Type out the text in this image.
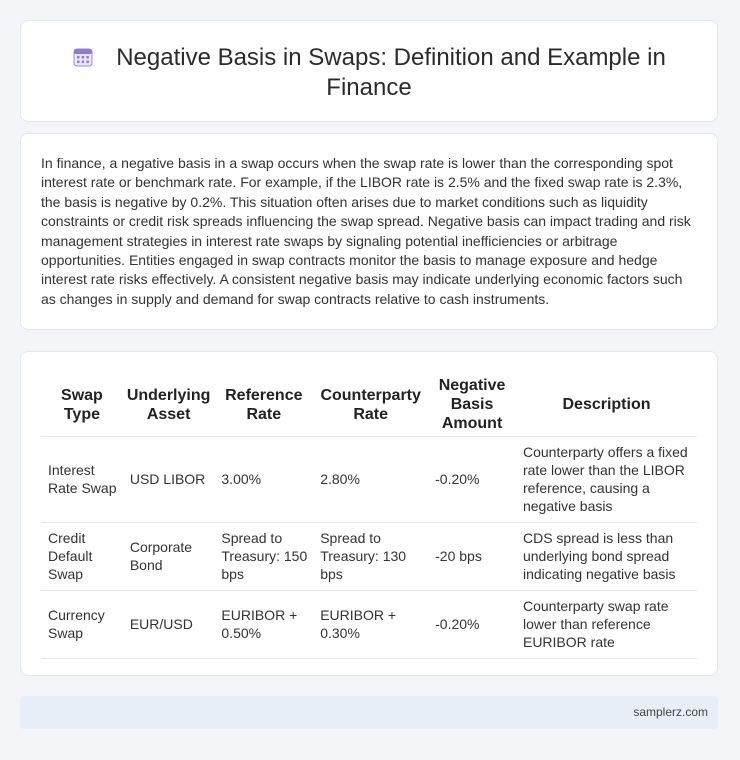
Negative Basis in Swaps: Definition and Example in Finance
In finance, a negative basis in a swap occurs when the swap rate is lower than the corresponding spot interest rate or benchmark rate. For example, if the LIBOR rate is 2.5% and the fixed swap rate is 2.3%, the basis is negative by 0.2%. This situation often arises due to market conditions such as liquidity constraints or credit risk spreads influencing the swap spread. Negative basis can impact trading and risk management strategies in interest rate swaps by signaling potential inefficiencies or arbitrage opportunities. Entities engaged in swap contracts monitor the basis to manage exposure and hedge interest rate risks effectively. A consistent negative basis may indicate underlying economic factors such as changes in supply and demand for swap contracts relative to cash instruments.
Swap Type	Underlying Asset	Reference Rate	Counterparty Rate	Negative Basis Amount	Description
Interest Rate Swap	USD LIBOR	3.00%	2.80%	-0.20%	Counterparty offers a fixed rate lower than the LIBOR reference, causing a negative basis
Credit Default Swap	Corporate Bond	Spread to Treasury: 150 bps	Spread to Treasury: 130 bps	-20 bps	CDS spread is less than underlying bond spread indicating negative basis
Currency Swap	EUR/USD	EURIBOR + 0.50%	EURIBOR + 0.30%	-0.20%	Counterparty swap rate lower than reference EURIBOR rate
samplerz.com
